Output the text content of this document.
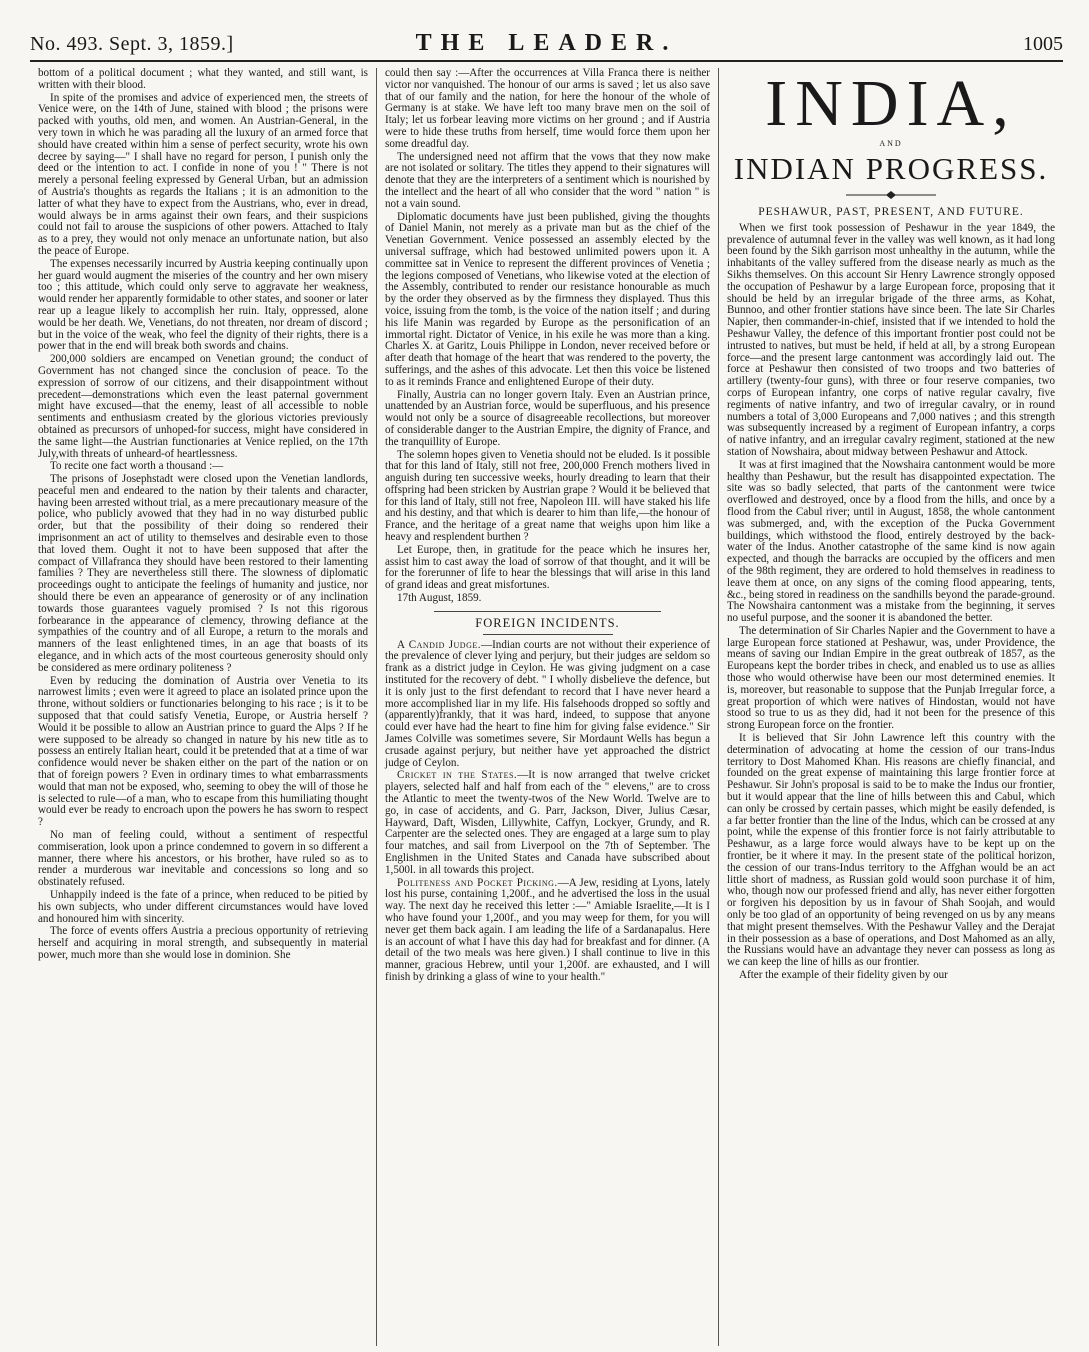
No. 493. Sept. 3, 1859.]	THE LEADER.	1005

bottom of a political document ; what they wanted, and still want, is written with their blood.

In spite of the promises and advice of experienced men, the streets of Venice were, on the 14th of June, stained with blood ; the prisons were packed with youths, old men, and women. An Austrian-General, in the very town in which he was parading all the luxury of an armed force that should have created within him a sense of perfect security, wrote his own decree by saying—" I shall have no regard for person, I punish only the deed or the intention to act. I confide in none of you ! " There is not merely a personal feeling expressed by General Urban, but an admission of Austria's thoughts as regards the Italians ; it is an admonition to the latter of what they have to expect from the Austrians, who, ever in dread, would always be in arms against their own fears, and their suspicions could not fail to arouse the suspicions of other powers. Attached to Italy as to a prey, they would not only menace an unfortunate nation, but also the peace of Europe.

The expenses necessarily incurred by Austria keeping continually upon her guard would augment the miseries of the country and her own misery too ; this attitude, which could only serve to aggravate her weakness, would render her apparently formidable to other states, and sooner or later rear up a league likely to accomplish her ruin. Italy, oppressed, alone would be her death. We, Venetians, do not threaten, nor dream of discord ; but in the voice of the weak, who feel the dignity of their rights, there is a power that in the end will break both swords and chains.

200,000 soldiers are encamped on Venetian ground; the conduct of Government has not changed since the conclusion of peace. To the expression of sorrow of our citizens, and their disappointment without precedent—demonstrations which even the least paternal government might have excused—that the enemy, least of all accessible to noble sentiments and enthusiasm created by the glorious victories previously obtained as precursors of unhoped-for success, might have considered in the same light—the Austrian functionaries at Venice replied, on the 17th July,with threats of unheard-of heartlessness.

To recite one fact worth a thousand :—

The prisons of Josephstadt were closed upon the Venetian landlords, peaceful men and endeared to the nation by their talents and character, having been arrested without trial, as a mere precautionary measure of the police, who publicly avowed that they had in no way disturbed public order, but that the possibility of their doing so rendered their imprisonment an act of utility to themselves and desirable even to those that loved them. Ought it not to have been supposed that after the compact of Villafranca they should have been restored to their lamenting families ? They are nevertheless still there. The slowness of diplomatic proceedings ought to anticipate the feelings of humanity and justice, nor should there be even an appearance of generosity or of any inclination towards those guarantees vaguely promised ? Is not this rigorous forbearance in the appearance of clemency, throwing defiance at the sympathies of the country and of all Europe, a return to the morals and manners of the least enlightened times, in an age that boasts of its elegance, and in which acts of the most courteous generosity should only be considered as mere ordinary politeness ?

Even by reducing the domination of Austria over Venetia to its narrowest limits ; even were it agreed to place an isolated prince upon the throne, without soldiers or functionaries belonging to his race ; is it to be supposed that that could satisfy Venetia, Europe, or Austria herself ? Would it be possible to allow an Austrian prince to guard the Alps ? If he were supposed to be already so changed in nature by his new title as to possess an entirely Italian heart, could it be pretended that at a time of war confidence would never be shaken either on the part of the nation or on that of foreign powers ? Even in ordinary times to what embarrassments would that man not be exposed, who, seeming to obey the will of those he is selected to rule—of a man, who to escape from this humiliating thought would ever be ready to encroach upon the powers he has sworn to respect ?

No man of feeling could, without a sentiment of respectful commiseration, look upon a prince condemned to govern in so different a manner, there where his ancestors, or his brother, have ruled so as to render a murderous war inevitable and concessions so long and so obstinately refused.

Unhappily indeed is the fate of a prince, when reduced to be pitied by his own subjects, who under different circumstances would have loved and honoured him with sincerity.

The force of events offers Austria a precious opportunity of retrieving herself and acquiring in moral strength, and subsequently in material power, much more than she would lose in dominion. She

could then say :—After the occurrences at Villa Franca there is neither victor nor vanquished. The honour of our arms is saved ; let us also save that of our family and the nation, for here the honour of the whole of Germany is at stake. We have left too many brave men on the soil of Italy; let us forbear leaving more victims on her ground ; and if Austria were to hide these truths from herself, time would force them upon her some dreadful day.

The undersigned need not affirm that the vows that they now make are not isolated or solitary. The titles they append to their signatures will denote that they are the interpreters of a sentiment which is nourished by the intellect and the heart of all who consider that the word " nation " is not a vain sound.

Diplomatic documents have just been published, giving the thoughts of Daniel Manin, not merely as a private man but as the chief of the Venetian Government. Venice possessed an assembly elected by the universal suffrage, which had bestowed unlimited powers upon it. A committee sat in Venice to represent the different provinces of Venetia ; the legions composed of Venetians, who likewise voted at the election of the Assembly, contributed to render our resistance honourable as much by the order they observed as by the firmness they displayed. Thus this voice, issuing from the tomb, is the voice of the nation itself ; and during his life Manin was regarded by Europe as the personification of an immortal right. Dictator of Venice, in his exile he was more than a king. Charles X. at Garitz, Louis Philippe in London, never received before or after death that homage of the heart that was rendered to the poverty, the sufferings, and the ashes of this advocate. Let then this voice be listened to as it reminds France and enlightened Europe of their duty.

Finally, Austria can no longer govern Italy. Even an Austrian prince, unattended by an Austrian force, would be superfluous, and his presence would not only be a source of disagreeable recollections, but moreover of considerable danger to the Austrian Empire, the dignity of France, and the tranquillity of Europe.

The solemn hopes given to Venetia should not be eluded. Is it possible that for this land of Italy, still not free, 200,000 French mothers lived in anguish during ten successive weeks, hourly dreading to learn that their offspring had been stricken by Austrian grape ? Would it be believed that for this land of Italy, still not free, Napoleon III. will have staked his life and his destiny, and that which is dearer to him than life,—the honour of France, and the heritage of a great name that weighs upon him like a heavy and resplendent burthen ?

Let Europe, then, in gratitude for the peace which he insures her, assist him to cast away the load of sorrow of that thought, and it will be for the forerunner of life to hear the blessings that will arise in this land of grand ideas and great misfortunes.

17th August, 1859.

FOREIGN INCIDENTS.

A Candid Judge.—Indian courts are not without their experience of the prevalence of clever lying and perjury, but their judges are seldom so frank as a district judge in Ceylon. He was giving judgment on a case instituted for the recovery of debt. " I wholly disbelieve the defence, but it is only just to the first defendant to record that I have never heard a more accomplished liar in my life. His falsehoods dropped so softly and (apparently)frankly, that it was hard, indeed, to suppose that anyone could ever have had the heart to fine him for giving false evidence." Sir James Colville was sometimes severe, Sir Mordaunt Wells has begun a crusade against perjury, but neither have yet approached the district judge of Ceylon.

Cricket in the States.—It is now arranged that twelve cricket players, selected half and half from each of the " elevens," are to cross the Atlantic to meet the twenty-twos of the New World. Twelve are to go, in case of accidents, and G. Parr, Jackson, Diver, Julius Cæsar, Hayward, Daft, Wisden, Lillywhite, Caffyn, Lockyer, Grundy, and R. Carpenter are the selected ones. They are engaged at a large sum to play four matches, and sail from Liverpool on the 7th of September. The Englishmen in the United States and Canada have subscribed about 1,500l. in all towards this project.

Politeness and Pocket Picking.—A Jew, residing at Lyons, lately lost his purse, containing 1,200f., and he advertised the loss in the usual way. The next day he received this letter :—" Amiable Israelite,—It is I who have found your 1,200f., and you may weep for them, for you will never get them back again. I am leading the life of a Sardanapalus. Here is an account of what I have this day had for breakfast and for dinner. (A detail of the two meals was here given.) I shall continue to live in this manner, gracious Hebrew, until your 1,200f. are exhausted, and I will finish by drinking a glass of wine to your health."

INDIA,
AND
INDIAN PROGRESS.
PESHAWUR, PAST, PRESENT, AND FUTURE.

When we first took possession of Peshawur in the year 1849, the prevalence of autumnal fever in the valley was well known, as it had long been found by the Sikh garrison most unhealthy in the autumn, while the inhabitants of the valley suffered from the disease nearly as much as the Sikhs themselves. On this account Sir Henry Lawrence strongly opposed the occupation of Peshawur by a large European force, proposing that it should be held by an irregular brigade of the three arms, as Kohat, Bunnoo, and other frontier stations have since been. The late Sir Charles Napier, then commander-in-chief, insisted that if we intended to hold the Peshawur Valley, the defence of this important frontier post could not be intrusted to natives, but must be held, if held at all, by a strong European force—and the present large cantonment was accordingly laid out. The force at Peshawur then consisted of two troops and two batteries of artillery (twenty-four guns), with three or four reserve companies, two corps of European infantry, one corps of native regular cavalry, five regiments of native infantry, and two of irregular cavalry, or in round numbers a total of 3,000 Europeans and 7,000 natives ; and this strength was subsequently increased by a regiment of European infantry, a corps of native infantry, and an irregular cavalry regiment, stationed at the new station of Nowshaira, about midway between Peshawur and Attock.

It was at first imagined that the Nowshaira cantonment would be more healthy than Peshawur, but the result has disappointed expectation. The site was so badly selected, that parts of the cantonment were twice overflowed and destroyed, once by a flood from the hills, and once by a flood from the Cabul river; until in August, 1858, the whole cantonment was submerged, and, with the exception of the Pucka Government buildings, which withstood the flood, entirely destroyed by the back-water of the Indus. Another catastrophe of the same kind is now again expected, and though the barracks are occupied by the officers and men of the 98th regiment, they are ordered to hold themselves in readiness to leave them at once, on any signs of the coming flood appearing, tents, &c., being stored in readiness on the sandhills beyond the parade-ground. The Nowshaira cantonment was a mistake from the beginning, it serves no useful purpose, and the sooner it is abandoned the better.

The determination of Sir Charles Napier and the Government to have a large European force stationed at Peshawur, was, under Providence, the means of saving our Indian Empire in the great outbreak of 1857, as the Europeans kept the border tribes in check, and enabled us to use as allies those who would otherwise have been our most determined enemies. It is, moreover, but reasonable to suppose that the Punjab Irregular force, a great proportion of which were natives of Hindostan, would not have stood so true to us as they did, had it not been for the presence of this strong European force on the frontier.

It is believed that Sir John Lawrence left this country with the determination of advocating at home the cession of our trans-Indus territory to Dost Mahomed Khan. His reasons are chiefly financial, and founded on the great expense of maintaining this large frontier force at Peshawur. Sir John's proposal is said to be to make the Indus our frontier, but it would appear that the line of hills between this and Cabul, which can only be crossed by certain passes, which might be easily defended, is a far better frontier than the line of the Indus, which can be crossed at any point, while the expense of this frontier force is not fairly attributable to Peshawur, as a large force would always have to be kept up on the frontier, be it where it may. In the present state of the political horizon, the cession of our trans-Indus territory to the Affghan would be an act little short of madness, as Russian gold would soon purchase it of him, who, though now our professed friend and ally, has never either forgotten or forgiven his deposition by us in favour of Shah Soojah, and would only be too glad of an opportunity of being revenged on us by any means that might present themselves. With the Peshawur Valley and the Derajat in their possession as a base of operations, and Dost Mahomed as an ally, the Russians would have an advantage they never can possess as long as we can keep the line of hills as our frontier.

After the example of their fidelity given by our
